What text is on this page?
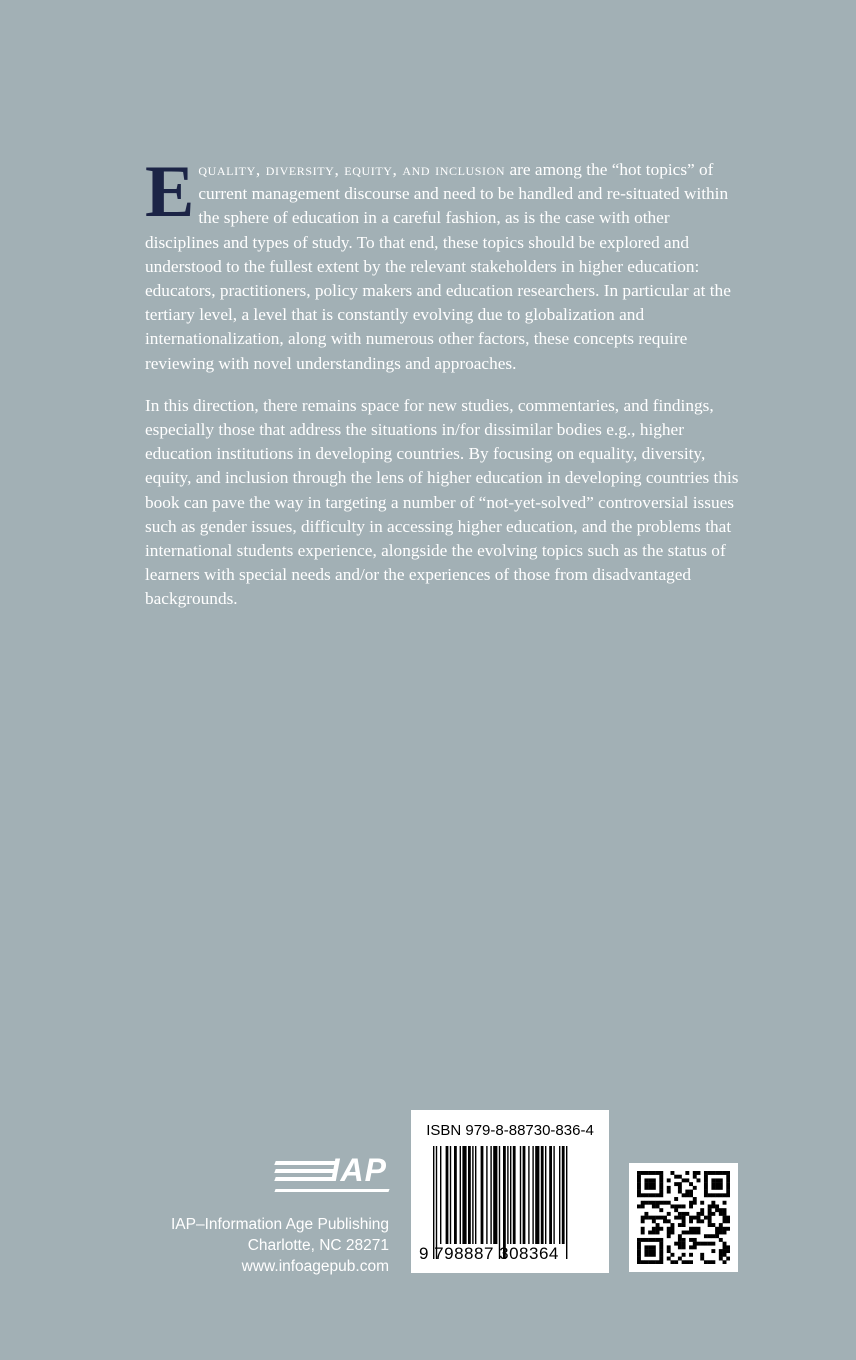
Equality, diversity, equity, and inclusion are among the “hot topics” of current management discourse and need to be handled and re-situated within the sphere of education in a careful fashion, as is the case with other disciplines and types of study. To that end, these topics should be explored and understood to the fullest extent by the relevant stakeholders in higher education: educators, practitioners, policy makers and education researchers. In particular at the tertiary level, a level that is constantly evolving due to globalization and internationalization, along with numerous other factors, these concepts require reviewing with novel understandings and approaches.

In this direction, there remains space for new studies, commentaries, and findings, especially those that address the situations in/for dissimilar bodies e.g., higher education institutions in developing countries. By focusing on equality, diversity, equity, and inclusion through the lens of higher education in developing countries this book can pave the way in targeting a number of “not-yet-solved” controversial issues such as gender issues, difficulty in accessing higher education, and the problems that international students experience, alongside the evolving topics such as the status of learners with special needs and/or the experiences of those from disadvantaged backgrounds.

IAP
IAP–Information Age Publishing
Charlotte, NC 28271
www.infoagepub.com
ISBN 979-8-88730-836-4
9 798887 308364
